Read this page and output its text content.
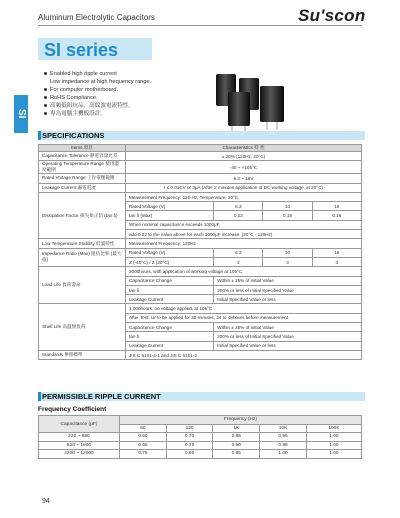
Aluminum Electrolytic Capacitors	Su'scon
SI series
SI
Enabled high ripple current
Low impedance at high frequency range.
For computer motherboard.
RoHS Compliance.
高頻低阻抗品，高紋波電流特性。
專為電腦主機板設計。
SPECIFICATIONS
Items 項目	Characteristics 特 性			
Capacitance Tolerance 靜電容量允差	± 20% (120Hz, 20°C)			
Operating Temperature Range 使用溫度範圍	-40 ~ +105°C			
Rated Voltage Range 工作電壓範圍	6.3 ~ 16V			
Leakage Current 漏電電流	I ≤ 0.01CV or 3μA (After 2 minutes application of DC working voltage, at 20°C)			
Dissipation Factor 損失角正切 (tan δ)	Measurement Frequency: 120 Hz, Temperature: 20°C.			
	Rated Voltage (V)	6.3	10	16
	tan δ (Max)	0.22	0.19	0.16
	When nominal capacitance exceeds 1000μF,			
	add 0.02 to the value above for each 1000μF increase. (20°C · 120Hz)			
Low Temperature Stability 低溫特性	Measurement Frequency: 120Hz			
Impedance Ratio (Max) 阻抗比率 (最大值)	Rated Voltage (V)	6.3	10	16
	Z (-40°C) / Z (20°C)	3	3	3
Load Life 負荷壽命	2000hours, with application of working voltage at 105°C			
	Capacitance Change	Within ± 25% of initial Value		
	tan δ	200% or less of Initial Specified Value		
	Leakage Current	Initial Specified Value or less		
Shelf Life 高溫無負荷	1,000hours, no voltage applied, at 105°C .			
	After Test: Ur to be applied for 30 minutes, 24 to 48hours before measurement.			
	Capacitance Change	Within ± 25% of initial Value		
	tan δ	200% or less of Initial Specified Value		
	Leakage Current	Initial Specified Value or less		
Standards 參照標準	JIS C 5101-4-1 and JIS C 5101-2			
PERMISSIBLE RIPPLE CURRENT
Frequency Coefficient
Capacitance (μF)	Frequency (Hz)				
	60	120	1K	10K	100K
220 ~ 680	0.60	0.70	0.85	0.95	1.00
820 ~ 1800	0.65	0.75	0.90	0.98	1.00
2200 ~ 12000	0.76	0.80	0.95	1.00	1.00
94
